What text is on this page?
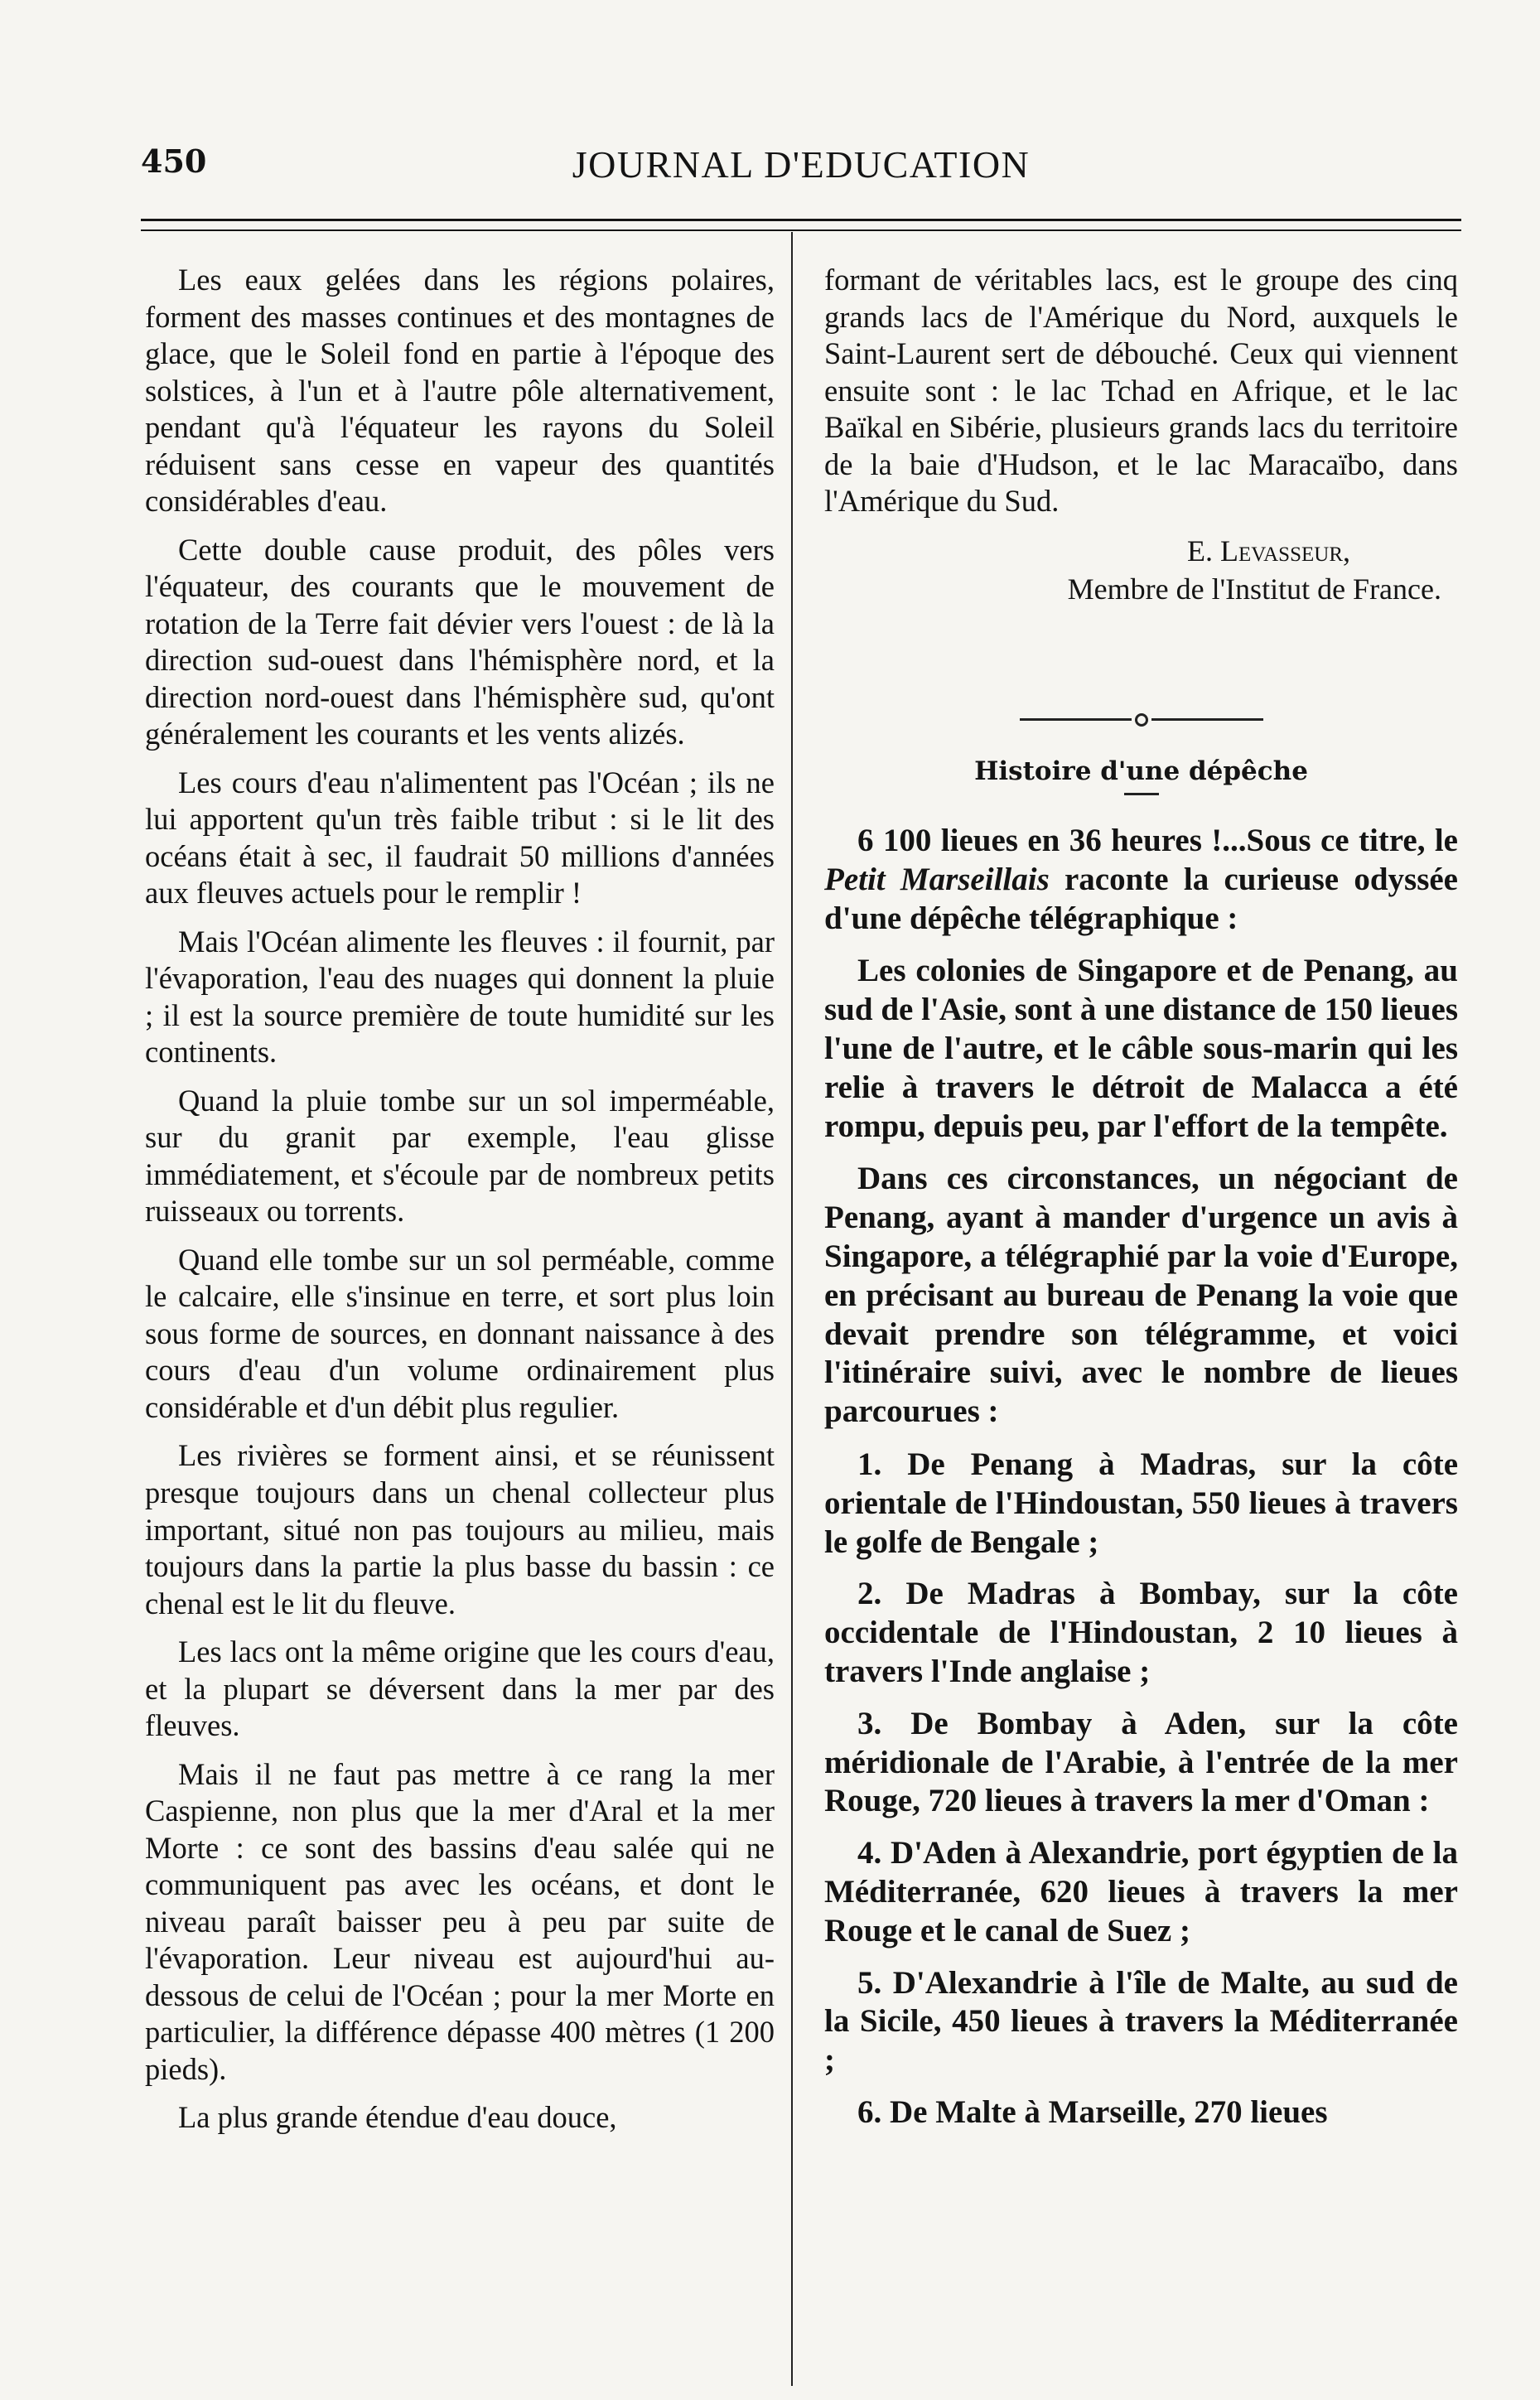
450	JOURNAL D'EDUCATION

Les eaux gelées dans les régions polaires, forment des masses continues et des montagnes de glace, que le Soleil fond en partie à l'époque des solstices, à l'un et à l'autre pôle alternativement, pendant qu'à l'équateur les rayons du Soleil réduisent sans cesse en vapeur des quantités considérables d'eau.

Cette double cause produit, des pôles vers l'équateur, des courants que le mouvement de rotation de la Terre fait dévier vers l'ouest : de là la direction sud-ouest dans l'hémisphère nord, et la direction nord-ouest dans l'hémisphère sud, qu'ont généralement les courants et les vents alizés.

Les cours d'eau n'alimentent pas l'Océan ; ils ne lui apportent qu'un très faible tribut : si le lit des océans était à sec, il faudrait 50 millions d'années aux fleuves actuels pour le remplir !

Mais l'Océan alimente les fleuves : il fournit, par l'évaporation, l'eau des nuages qui donnent la pluie ; il est la source première de toute humidité sur les continents.

Quand la pluie tombe sur un sol imperméable, sur du granit par exemple, l'eau glisse immédiatement, et s'écoule par de nombreux petits ruisseaux ou torrents.

Quand elle tombe sur un sol perméable, comme le calcaire, elle s'insinue en terre, et sort plus loin sous forme de sources, en donnant naissance à des cours d'eau d'un volume ordinairement plus considérable et d'un débit plus regulier.

Les rivières se forment ainsi, et se réunissent presque toujours dans un chenal collecteur plus important, situé non pas toujours au milieu, mais toujours dans la partie la plus basse du bassin : ce chenal est le lit du fleuve.

Les lacs ont la même origine que les cours d'eau, et la plupart se déversent dans la mer par des fleuves.

Mais il ne faut pas mettre à ce rang la mer Caspienne, non plus que la mer d'Aral et la mer Morte : ce sont des bassins d'eau salée qui ne communiquent pas avec les océans, et dont le niveau paraît baisser peu à peu par suite de l'évaporation. Leur niveau est aujourd'hui au-dessous de celui de l'Océan ; pour la mer Morte en particulier, la différence dépasse 400 mètres (1 200 pieds).

La plus grande étendue d'eau douce,

formant de véritables lacs, est le groupe des cinq grands lacs de l'Amérique du Nord, auxquels le Saint-Laurent sert de débouché. Ceux qui viennent ensuite sont : le lac Tchad en Afrique, et le lac Baïkal en Sibérie, plusieurs grands lacs du territoire de la baie d'Hudson, et le lac Maracaïbo, dans l'Amérique du Sud.

E. Levasseur,
Membre de l'Institut de France.
Histoire d'une dépêche

6 100 lieues en 36 heures !...Sous ce titre, le Petit Marseillais raconte la curieuse odyssée d'une dépêche télégraphique :

Les colonies de Singapore et de Penang, au sud de l'Asie, sont à une distance de 150 lieues l'une de l'autre, et le câble sous-marin qui les relie à travers le détroit de Malacca a été rompu, depuis peu, par l'effort de la tempête.

Dans ces circonstances, un négociant de Penang, ayant à mander d'urgence un avis à Singapore, a télégraphié par la voie d'Europe, en précisant au bureau de Penang la voie que devait prendre son télégramme, et voici l'itinéraire suivi, avec le nombre de lieues parcourues :

1. De Penang à Madras, sur la côte orientale de l'Hindoustan, 550 lieues à travers le golfe de Bengale ;

2. De Madras à Bombay, sur la côte occidentale de l'Hindoustan, 2 10 lieues à travers l'Inde anglaise ;

3. De Bombay à Aden, sur la côte méridionale de l'Arabie, à l'entrée de la mer Rouge, 720 lieues à travers la mer d'Oman :

4. D'Aden à Alexandrie, port égyptien de la Méditerranée, 620 lieues à travers la mer Rouge et le canal de Suez ;

5. D'Alexandrie à l'île de Malte, au sud de la Sicile, 450 lieues à travers la Méditerranée ;

6. De Malte à Marseille, 270 lieues
